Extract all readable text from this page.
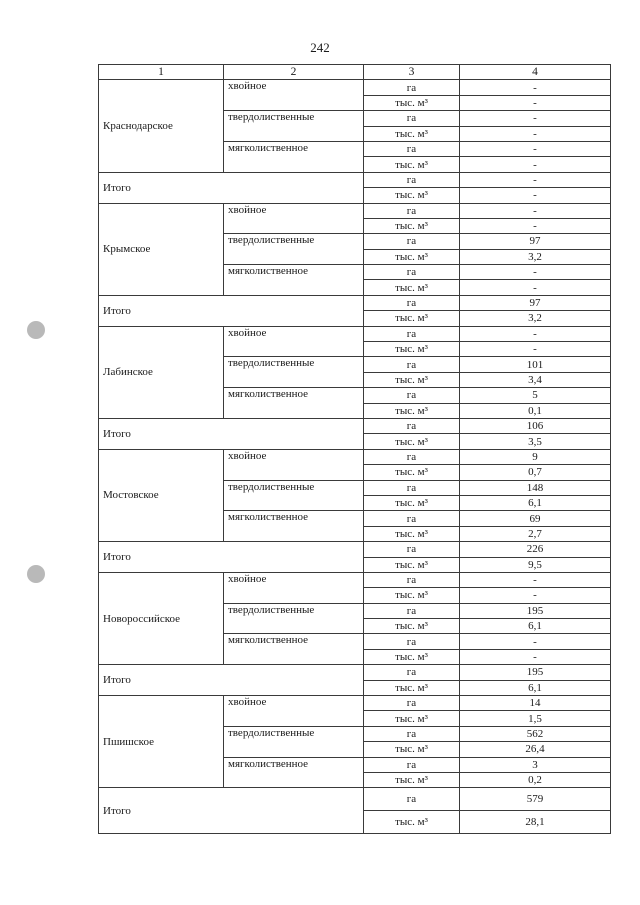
242
1	2	3	4
Краснодарское	хвойное	га	-
		тыс. м³	-
	твердолиственные	га	-
		тыс. м³	-
	мягколиственное	га	-
		тыс. м³	-
Итого		га	-
		тыс. м³	-
Крымское	хвойное	га	-
		тыс. м³	-
	твердолиственные	га	97
		тыс. м³	3,2
	мягколиственное	га	-
		тыс. м³	-
Итого		га	97
		тыс. м³	3,2
Лабинское	хвойное	га	-
		тыс. м³	-
	твердолиственные	га	101
		тыс. м³	3,4
	мягколиственное	га	5
		тыс. м³	0,1
Итого		га	106
		тыс. м³	3,5
Мостовское	хвойное	га	9
		тыс. м³	0,7
	твердолиственные	га	148
		тыс. м³	6,1
	мягколиственное	га	69
		тыс. м³	2,7
Итого		га	226
		тыс. м³	9,5
Новороссийское	хвойное	га	-
		тыс. м³	-
	твердолиственные	га	195
		тыс. м³	6,1
	мягколиственное	га	-
		тыс. м³	-
Итого		га	195
		тыс. м³	6,1
Пшишское	хвойное	га	14
		тыс. м³	1,5
	твердолиственные	га	562
		тыс. м³	26,4
	мягколиственное	га	3
		тыс. м³	0,2
Итого		га	579
		тыс. м³	28,1
